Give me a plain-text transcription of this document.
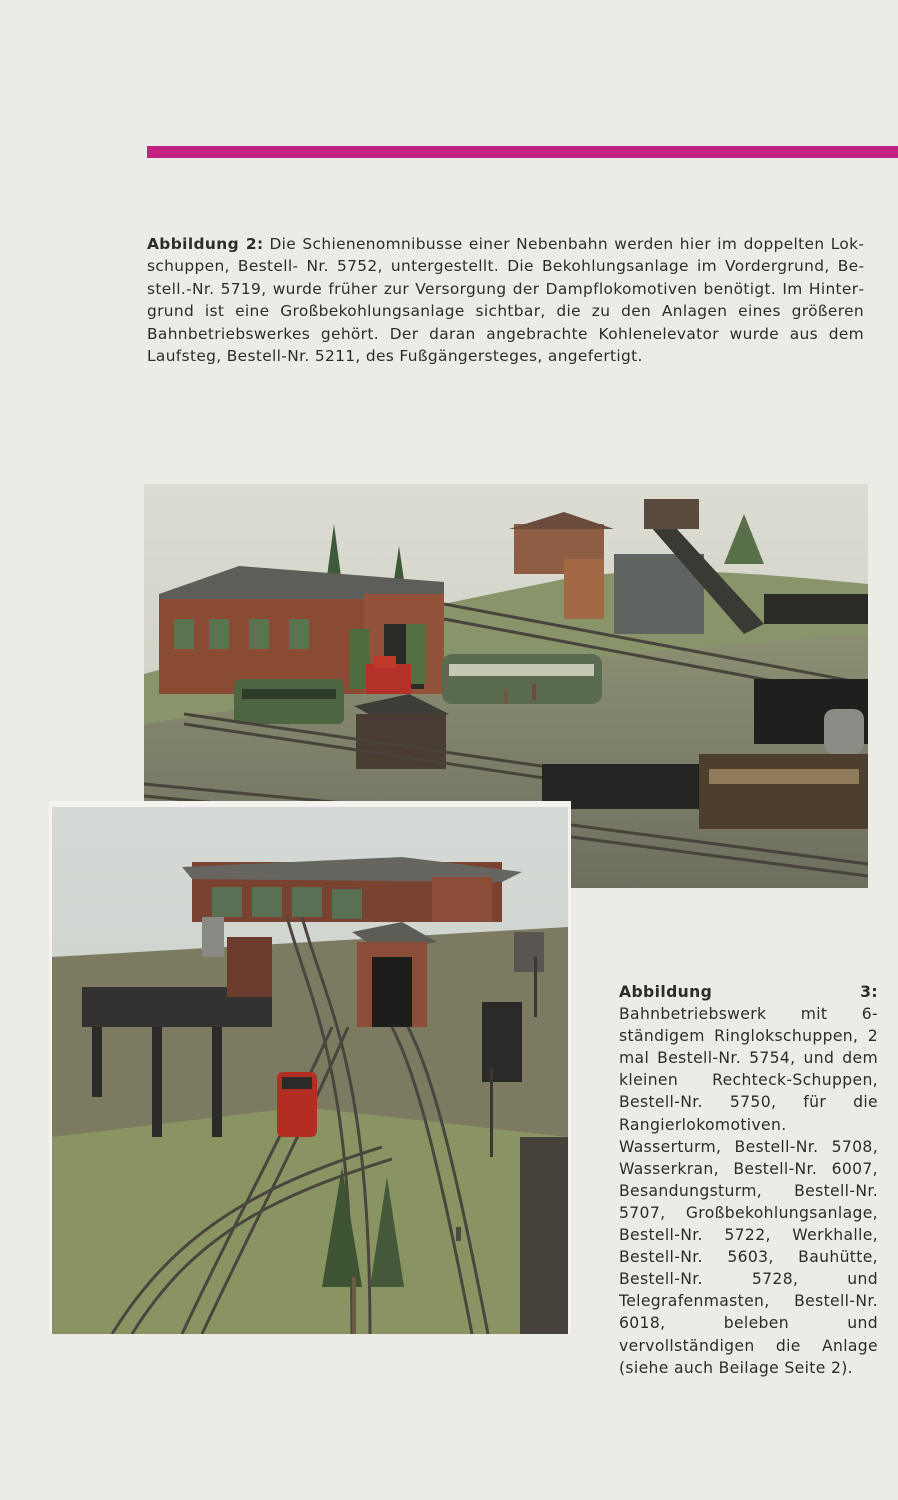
Abbildung 2: Die Schienenomnibusse einer Nebenbahn werden hier im doppelten Lokschuppen, Bestell- Nr. 5752, untergestellt. Die Bekohlungsanlage im Vordergrund, Bestell.-Nr. 5719, wurde früher zur Versorgung der Dampflokomotiven benötigt. Im Hintergrund ist eine Großbekohlungsanlage sichtbar, die zu den Anlagen eines größeren Bahnbetriebswerkes gehört. Der daran angebrachte Kohlenelevator wurde aus dem Laufsteg, Bestell-Nr. 5211, des Fußgängersteges, angefertigt.

Abbildung 3: Bahnbetriebswerk mit 6-ständigem Ringlokschuppen, 2 mal Bestell-Nr. 5754, und dem kleinen Rechteck-Schuppen, Bestell-Nr. 5750, für die Rangierlokomotiven. Wasserturm, Bestell-Nr. 5708, Wasserkran, Bestell-Nr. 6007, Besandungsturm, Bestell-Nr. 5707, Großbekohlungsanlage, Bestell-Nr. 5722, Werkhalle, Bestell-Nr. 5603, Bauhütte, Bestell-Nr. 5728, und Telegrafenmasten, Bestell-Nr. 6018, beleben und vervollständigen die Anlage (siehe auch Beilage Seite 2).
